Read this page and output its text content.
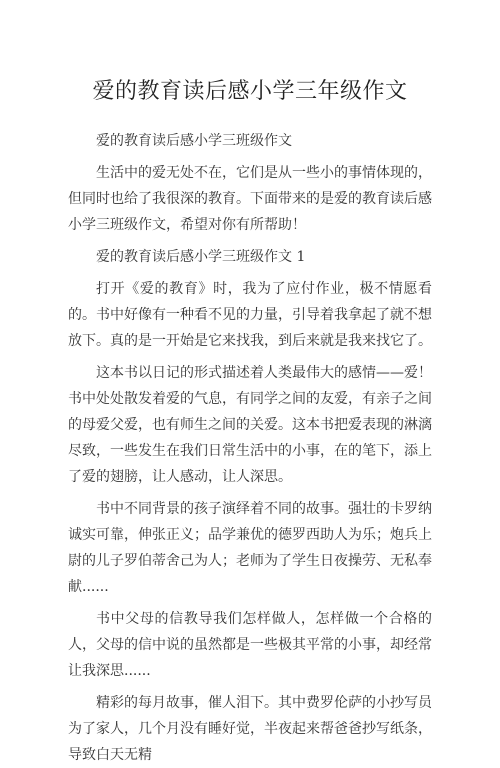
爱的教育读后感小学三年级作文

爱的教育读后感小学三班级作文

生活中的爱无处不在，它们是从一些小的事情体现的，但同时也给了我很深的教育。下面带来的是爱的教育读后感小学三班级作文，希望对你有所帮助！

爱的教育读后感小学三班级作文 1

打开《爱的教育》时，我为了应付作业，极不情愿看的。书中好像有一种看不见的力量，引导着我拿起了就不想放下。真的是一开始是它来找我，到后来就是我来找它了。

这本书以日记的形式描述着人类最伟大的感情——爱！书中处处散发着爱的气息，有同学之间的友爱，有亲子之间的母爱父爱，也有师生之间的关爱。这本书把爱表现的淋漓尽致，一些发生在我们日常生活中的小事，在的笔下，添上了爱的翅膀，让人感动，让人深思。

书中不同背景的孩子演绎着不同的故事。强壮的卡罗纳诚实可靠，伸张正义；品学兼优的德罗西助人为乐；炮兵上尉的儿子罗伯蒂舍己为人；老师为了学生日夜操劳、无私奉献......

书中父母的信教导我们怎样做人，怎样做一个合格的人，父母的信中说的虽然都是一些极其平常的小事，却经常让我深思......

精彩的每月故事，催人泪下。其中费罗伦萨的小抄写员为了家人，几个月没有睡好觉，半夜起来帮爸爸抄写纸条，导致白天无精
